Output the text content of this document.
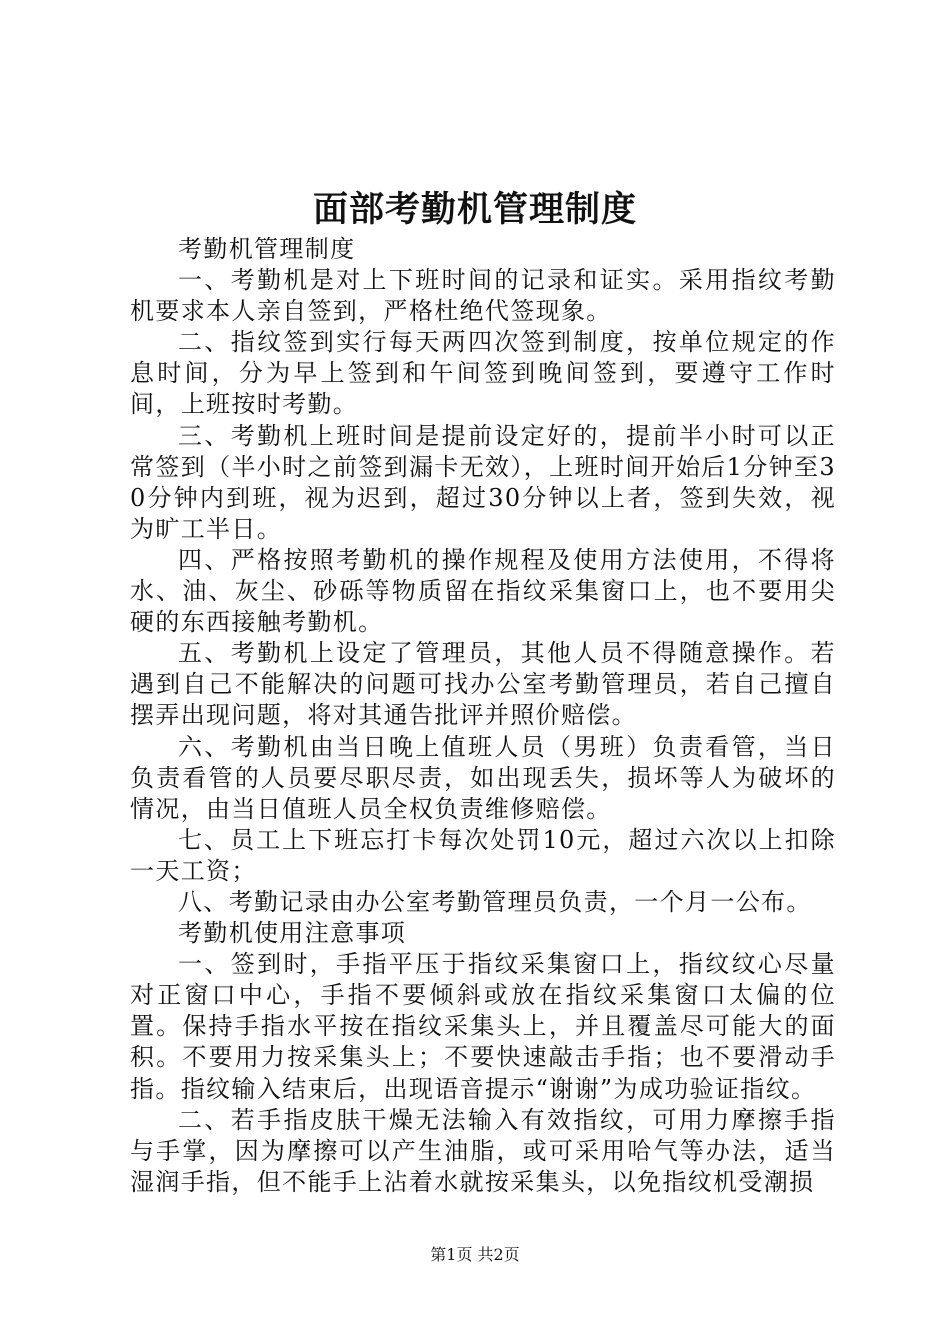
面部考勤机管理制度

考勤机管理制度

一、考勤机是对上下班时间的记录和证实。采用指纹考勤机要求本人亲自签到，严格杜绝代签现象。

二、指纹签到实行每天两四次签到制度，按单位规定的作息时间，分为早上签到和午间签到晚间签到，要遵守工作时间，上班按时考勤。

三、考勤机上班时间是提前设定好的，提前半小时可以正常签到（半小时之前签到漏卡无效），上班时间开始后1分钟至30分钟内到班，视为迟到，超过30分钟以上者，签到失效，视为旷工半日。

四、严格按照考勤机的操作规程及使用方法使用，不得将水、油、灰尘、砂砾等物质留在指纹采集窗口上，也不要用尖硬的东西接触考勤机。

五、考勤机上设定了管理员，其他人员不得随意操作。若遇到自己不能解决的问题可找办公室考勤管理员，若自己擅自摆弄出现问题，将对其通告批评并照价赔偿。

六、考勤机由当日晚上值班人员（男班）负责看管，当日负责看管的人员要尽职尽责，如出现丢失，损坏等人为破坏的情况，由当日值班人员全权负责维修赔偿。

七、员工上下班忘打卡每次处罚10元，超过六次以上扣除一天工资；

八、考勤记录由办公室考勤管理员负责，一个月一公布。

考勤机使用注意事项

一、签到时，手指平压于指纹采集窗口上，指纹纹心尽量对正窗口中心，手指不要倾斜或放在指纹采集窗口太偏的位置。保持手指水平按在指纹采集头上，并且覆盖尽可能大的面积。不要用力按采集头上；不要快速敲击手指；也不要滑动手指。指纹输入结束后，出现语音提示“谢谢”为成功验证指纹。

二、若手指皮肤干燥无法输入有效指纹，可用力摩擦手指与手掌，因为摩擦可以产生油脂，或可采用哈气等办法，适当湿润手指，但不能手上沾着水就按采集头，以免指纹机受潮损

第1页 共2页
